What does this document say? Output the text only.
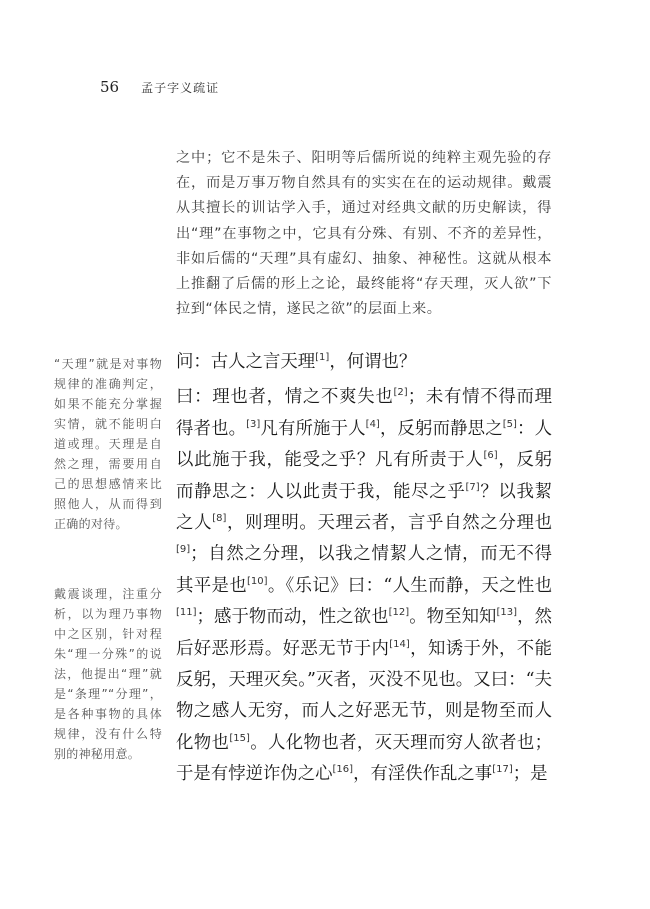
56 孟子字义疏证

之中；它不是朱子、阳明等后儒所说的纯粹主观先验的存在，而是万事万物自然具有的实实在在的运动规律。戴震从其擅长的训诂学入手，通过对经典文献的历史解读，得出“理”在事物之中，它具有分殊、有别、不齐的差异性，非如后儒的“天理”具有虚幻、抽象、神秘性。这就从根本上推翻了后儒的形上之论，最终能将“存天理，灭人欲”下拉到“体民之情，遂民之欲”的层面上来。

“天理”就是对事物规律的准确判定，如果不能充分掌握实情，就不能明白道或理。天理是自然之理，需要用自己的思想感情来比照他人，从而得到正确的对待。

戴震谈理，注重分析，以为理乃事物中之区别，针对程朱“理一分殊”的说法，他提出“理”就是“条理”“分理”，是各种事物的具体规律，没有什么特别的神秘用意。

问：古人之言天理[1]，何谓也？

曰：理也者，情之不爽失也[2]；未有情不得而理得者也。[3]凡有所施于人[4]，反躬而静思之[5]：人以此施于我，能受之乎？凡有所责于人[6]，反躬而静思之：人以此责于我，能尽之乎[7]？以我絜之人[8]，则理明。天理云者，言乎自然之分理也[9]；自然之分理，以我之情絜人之情，而无不得其平是也[10]。《乐记》曰：“人生而静，天之性也[11]；感于物而动，性之欲也[12]。物至知知[13]，然后好恶形焉。好恶无节于内[14]，知诱于外，不能反躬，天理灭矣。”灭者，灭没不见也。又曰：“夫物之感人无穷，而人之好恶无节，则是物至而人化物也[15]。人化物也者，灭天理而穷人欲者也；于是有悖逆诈伪之心[16]，有淫佚作乱之事[17]；是
